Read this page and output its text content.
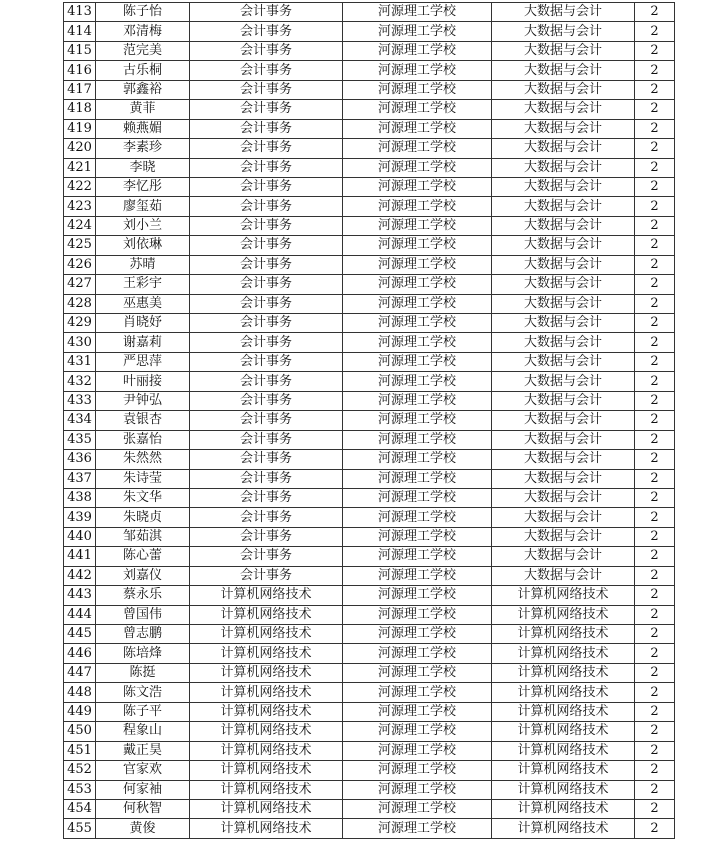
413	陈子怡	会计事务	河源理工学校	大数据与会计	2
414	邓清梅	会计事务	河源理工学校	大数据与会计	2
415	范完美	会计事务	河源理工学校	大数据与会计	2
416	古乐桐	会计事务	河源理工学校	大数据与会计	2
417	郭鑫裕	会计事务	河源理工学校	大数据与会计	2
418	黄菲	会计事务	河源理工学校	大数据与会计	2
419	赖燕媚	会计事务	河源理工学校	大数据与会计	2
420	李素珍	会计事务	河源理工学校	大数据与会计	2
421	李晓	会计事务	河源理工学校	大数据与会计	2
422	李忆彤	会计事务	河源理工学校	大数据与会计	2
423	廖玺茹	会计事务	河源理工学校	大数据与会计	2
424	刘小兰	会计事务	河源理工学校	大数据与会计	2
425	刘依琳	会计事务	河源理工学校	大数据与会计	2
426	苏晴	会计事务	河源理工学校	大数据与会计	2
427	王彩宇	会计事务	河源理工学校	大数据与会计	2
428	巫惠美	会计事务	河源理工学校	大数据与会计	2
429	肖晓妤	会计事务	河源理工学校	大数据与会计	2
430	谢嘉莉	会计事务	河源理工学校	大数据与会计	2
431	严思萍	会计事务	河源理工学校	大数据与会计	2
432	叶丽接	会计事务	河源理工学校	大数据与会计	2
433	尹钟弘	会计事务	河源理工学校	大数据与会计	2
434	袁银杏	会计事务	河源理工学校	大数据与会计	2
435	张嘉怡	会计事务	河源理工学校	大数据与会计	2
436	朱然然	会计事务	河源理工学校	大数据与会计	2
437	朱诗莹	会计事务	河源理工学校	大数据与会计	2
438	朱文华	会计事务	河源理工学校	大数据与会计	2
439	朱晓贞	会计事务	河源理工学校	大数据与会计	2
440	邹茹淇	会计事务	河源理工学校	大数据与会计	2
441	陈心蕾	会计事务	河源理工学校	大数据与会计	2
442	刘嘉仪	会计事务	河源理工学校	大数据与会计	2
443	蔡永乐	计算机网络技术	河源理工学校	计算机网络技术	2
444	曾国伟	计算机网络技术	河源理工学校	计算机网络技术	2
445	曾志鹏	计算机网络技术	河源理工学校	计算机网络技术	2
446	陈培烽	计算机网络技术	河源理工学校	计算机网络技术	2
447	陈挺	计算机网络技术	河源理工学校	计算机网络技术	2
448	陈文浩	计算机网络技术	河源理工学校	计算机网络技术	2
449	陈子平	计算机网络技术	河源理工学校	计算机网络技术	2
450	程象山	计算机网络技术	河源理工学校	计算机网络技术	2
451	戴正昊	计算机网络技术	河源理工学校	计算机网络技术	2
452	官家欢	计算机网络技术	河源理工学校	计算机网络技术	2
453	何家袖	计算机网络技术	河源理工学校	计算机网络技术	2
454	何秋智	计算机网络技术	河源理工学校	计算机网络技术	2
455	黄俊	计算机网络技术	河源理工学校	计算机网络技术	2
